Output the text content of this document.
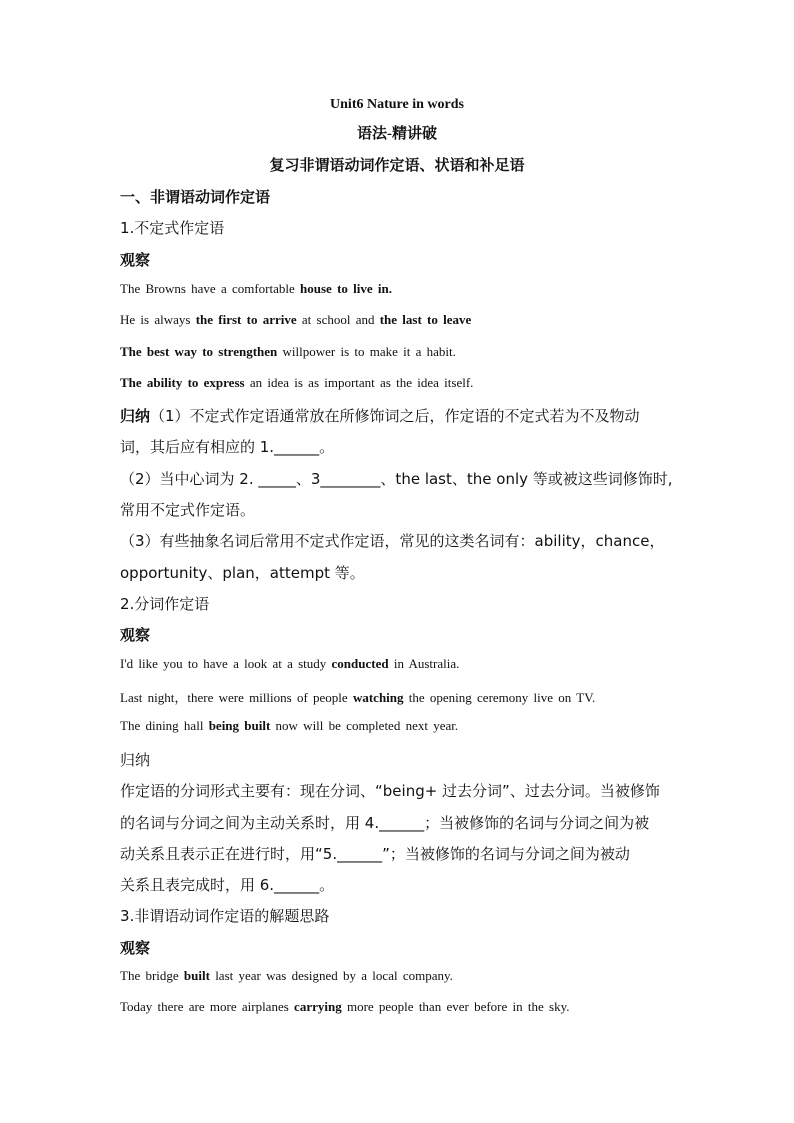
Unit6 Nature in words
语法-精讲破
复习非谓语动词作定语、状语和补足语
一、非谓语动词作定语
1.不定式作定语
观察
The Browns have a comfortable house to live in.
He is always the first to arrive at school and the last to leave
The best way to strengthen willpower is to make it a habit.
The ability to express an idea is as important as the idea itself.
归纳（1）不定式作定语通常放在所修饰词之后，作定语的不定式若为不及物动
词，其后应有相应的 1.______。
（2）当中心词为 2. _____、3________、the last、the only 等或被这些词修饰时,
常用不定式作定语。
（3）有些抽象名词后常用不定式作定语，常见的这类名词有：ability，chance，
opportunity、plan，attempt 等。
2.分词作定语
观察
I'd like you to have a look at a study conducted in Australia.
Last night，there were millions of people watching the opening ceremony live on TV.
The dining hall being built now will be completed next year.
归纳
作定语的分词形式主要有：现在分词、“being+ 过去分词”、过去分词。当被修饰
的名词与分词之间为主动关系时，用 4.______；当被修饰的名词与分词之间为被
动关系且表示正在进行时，用“5.______”；当被修饰的名词与分词之间为被动
关系且表完成时，用 6.______。
3.非谓语动词作定语的解题思路
观察
The bridge built last year was designed by a local company.
Today there are more airplanes carrying more people than ever before in the sky.
